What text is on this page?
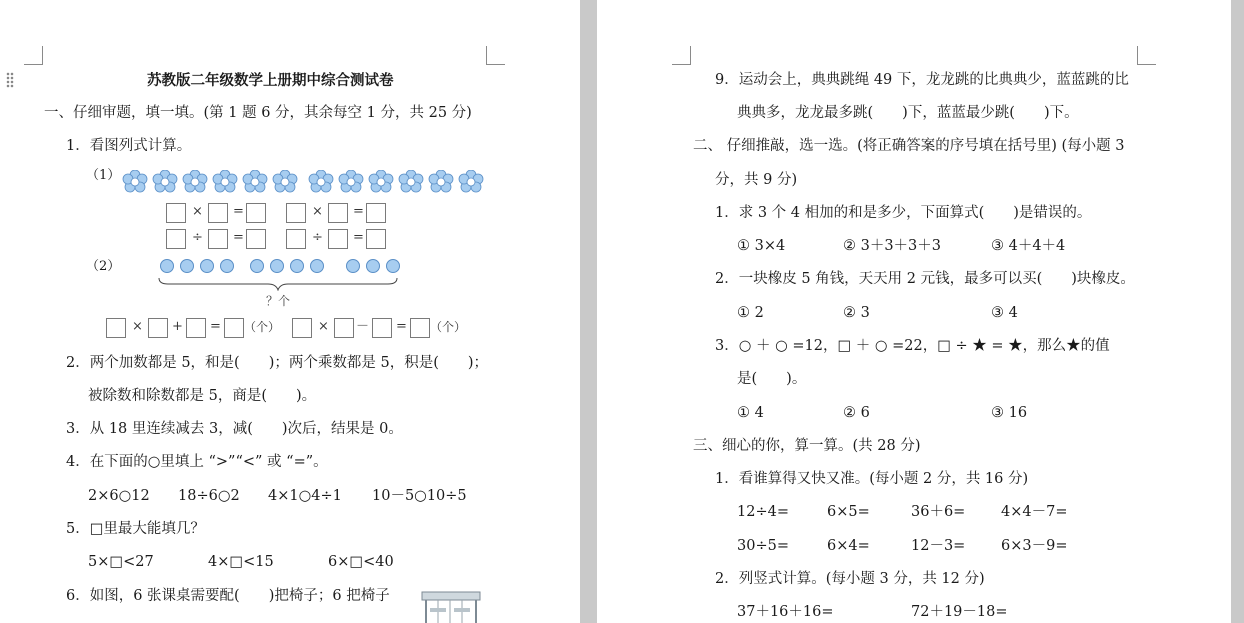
苏教版二年级数学上册期中综合测试卷
一、仔细审题，填一填。(第 1 题 6 分，其余每空 1 分，共 25 分)
1．看图列式计算。
（1）
× =	× =
÷ =	÷ =
（2）
？个
× + = （个）	× － = （个）
2．两个加数都是 5，和是(　　)；两个乘数都是 5，积是(　　)；
被除数和除数都是 5，商是(　　)。
3．从 18 里连续减去 3，减(　　)次后，结果是 0。
4．在下面的○里填上 “>”“<” 或 “=”。
2×6○12 18÷6○2 4×1○4÷1 10－5○10÷5
5．□里最大能填几？
5×□<27	4×□<15	6×□<40
6．如图，6 张课桌需要配(　　)把椅子；6 把椅子
9．运动会上，典典跳绳 49 下，龙龙跳的比典典少，蓝蓝跳的比
典典多，龙龙最多跳(　　)下，蓝蓝最少跳(　　)下。
二、 仔细推敲，选一选。(将正确答案的序号填在括号里) (每小题 3
分，共 9 分)
1．求 3 个 4 相加的和是多少，下面算式(　　)是错误的。
① 3×4	② 3＋3＋3＋3	③ 4＋4＋4
2．一块橡皮 5 角钱，天天用 2 元钱，最多可以买(　　)块橡皮。
① 2	② 3	③ 4
3．○ ＋ ○ =12，□ ＋ ○ =22，□ ÷ ★ = ★，那么★的值
是(　　)。
① 4	② 6	③ 16
三、细心的你，算一算。(共 28 分)
1．看谁算得又快又准。(每小题 2 分，共 16 分)
12÷4=	6×5=	36＋6= 4×4－7=
30÷5=	6×4=	12－3= 6×3－9=
2．列竖式计算。(每小题 3 分，共 12 分)
37＋16＋16=	72＋19－18=
